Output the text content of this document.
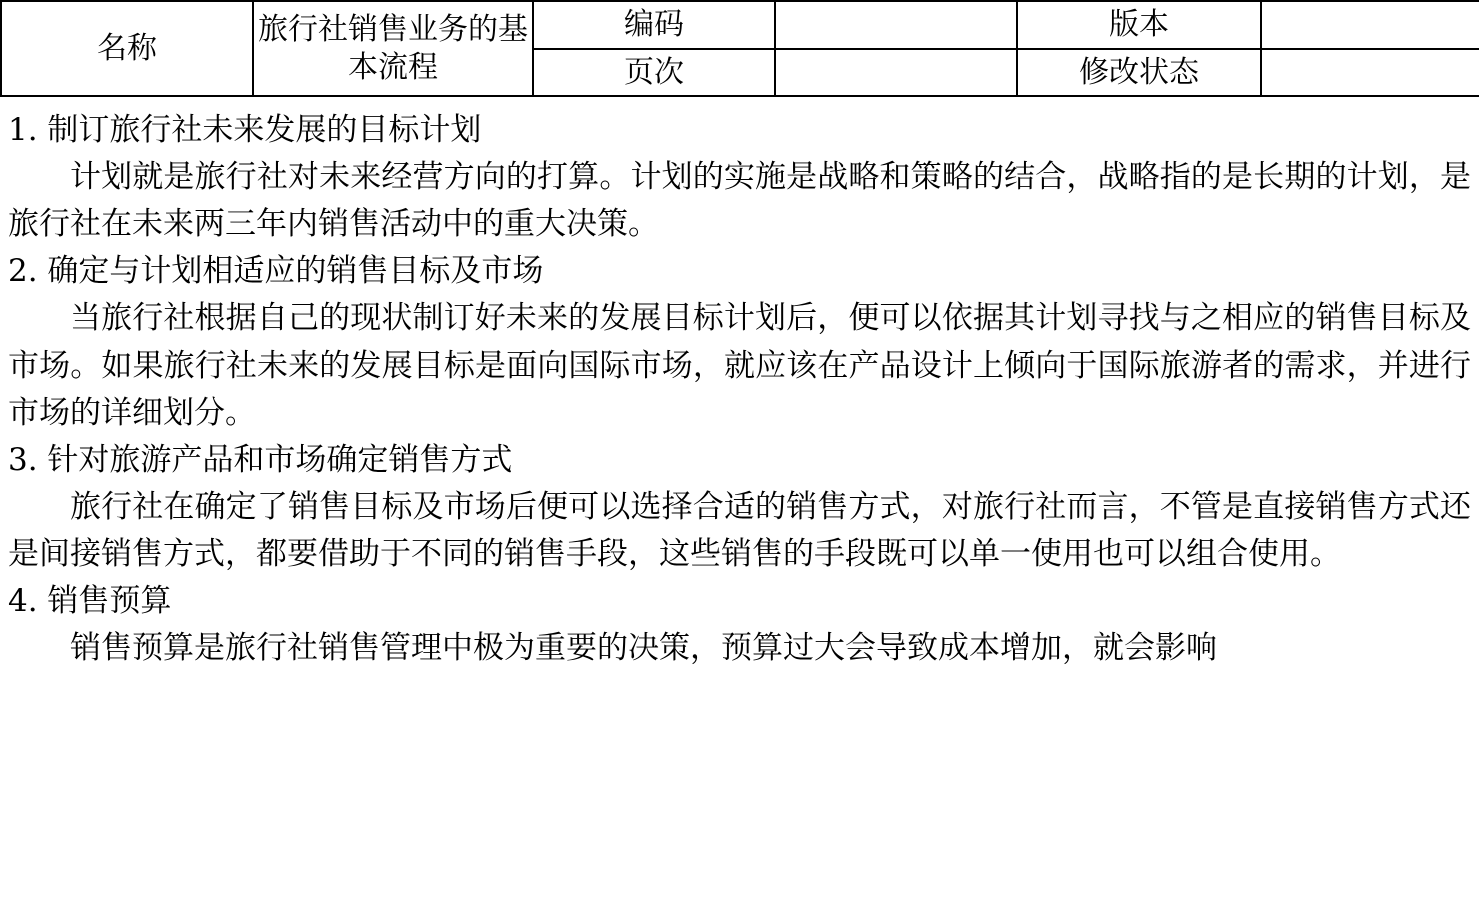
名称	旅行社销售业务的基本流程	编码		版本	
		页次		修改状态	

1. 制订旅行社未来发展的目标计划

计划就是旅行社对未来经营方向的打算。计划的实施是战略和策略的结合，战略指的是长期的计划，是旅行社在未来两三年内销售活动中的重大决策。

2. 确定与计划相适应的销售目标及市场

当旅行社根据自己的现状制订好未来的发展目标计划后，便可以依据其计划寻找与之相应的销售目标及市场。如果旅行社未来的发展目标是面向国际市场，就应该在产品设计上倾向于国际旅游者的需求，并进行市场的详细划分。

3. 针对旅游产品和市场确定销售方式

旅行社在确定了销售目标及市场后便可以选择合适的销售方式，对旅行社而言，不管是直接销售方式还是间接销售方式，都要借助于不同的销售手段，这些销售的手段既可以单一使用也可以组合使用。

4. 销售预算

销售预算是旅行社销售管理中极为重要的决策，预算过大会导致成本增加，就会影响
